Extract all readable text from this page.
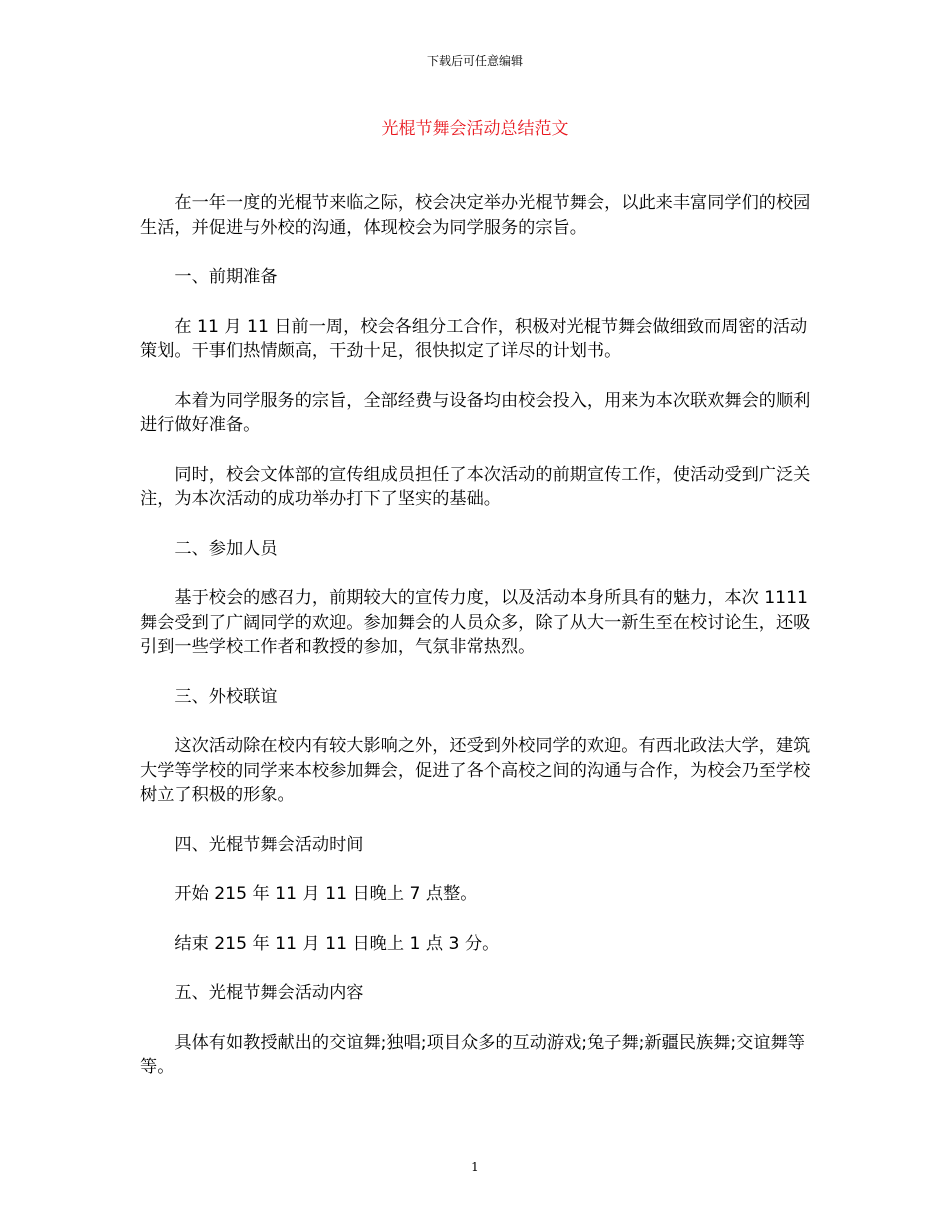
下载后可任意编辑
光棍节舞会活动总结范文

在一年一度的光棍节来临之际，校会决定举办光棍节舞会，以此来丰富同学们的校园生活，并促进与外校的沟通，体现校会为同学服务的宗旨。

一、前期准备

在 11 月 11 日前一周，校会各组分工合作，积极对光棍节舞会做细致而周密的活动策划。干事们热情颇高，干劲十足，很快拟定了详尽的计划书。

本着为同学服务的宗旨，全部经费与设备均由校会投入，用来为本次联欢舞会的顺利进行做好准备。

同时，校会文体部的宣传组成员担任了本次活动的前期宣传工作，使活动受到广泛关注，为本次活动的成功举办打下了坚实的基础。

二、参加人员

基于校会的感召力，前期较大的宣传力度，以及活动本身所具有的魅力，本次 1111 舞会受到了广阔同学的欢迎。参加舞会的人员众多，除了从大一新生至在校讨论生，还吸引到一些学校工作者和教授的参加，气氛非常热烈。

三、外校联谊

这次活动除在校内有较大影响之外，还受到外校同学的欢迎。有西北政法大学，建筑大学等学校的同学来本校参加舞会，促进了各个高校之间的沟通与合作，为校会乃至学校树立了积极的形象。

四、光棍节舞会活动时间

开始 215 年 11 月 11 日晚上 7 点整。

结束 215 年 11 月 11 日晚上 1 点 3 分。

五、光棍节舞会活动内容

具体有如教授献出的交谊舞;独唱;项目众多的互动游戏;兔子舞;新疆民族舞;交谊舞等等。

1
